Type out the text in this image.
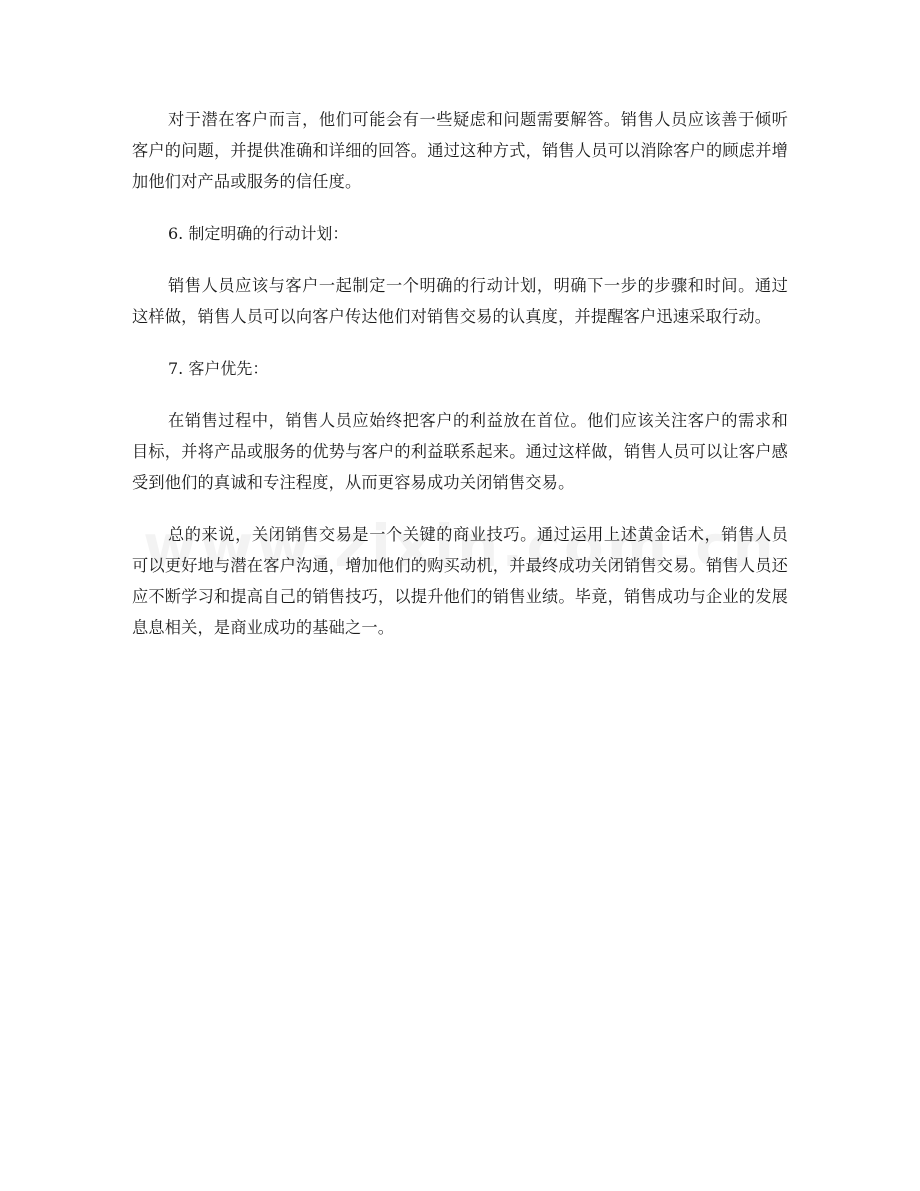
对于潜在客户而言，他们可能会有一些疑虑和问题需要解答。销售人员应该善于倾听客户的问题，并提供准确和详细的回答。通过这种方式，销售人员可以消除客户的顾虑并增加他们对产品或服务的信任度。

6. 制定明确的行动计划：

销售人员应该与客户一起制定一个明确的行动计划，明确下一步的步骤和时间。通过这样做，销售人员可以向客户传达他们对销售交易的认真度，并提醒客户迅速采取行动。

7. 客户优先：

在销售过程中，销售人员应始终把客户的利益放在首位。他们应该关注客户的需求和目标，并将产品或服务的优势与客户的利益联系起来。通过这样做，销售人员可以让客户感受到他们的真诚和专注程度，从而更容易成功关闭销售交易。

总的来说，关闭销售交易是一个关键的商业技巧。通过运用上述黄金话术，销售人员可以更好地与潜在客户沟通，增加他们的购买动机，并最终成功关闭销售交易。销售人员还应不断学习和提高自己的销售技巧，以提升他们的销售业绩。毕竟，销售成功与企业的发展息息相关，是商业成功的基础之一。
